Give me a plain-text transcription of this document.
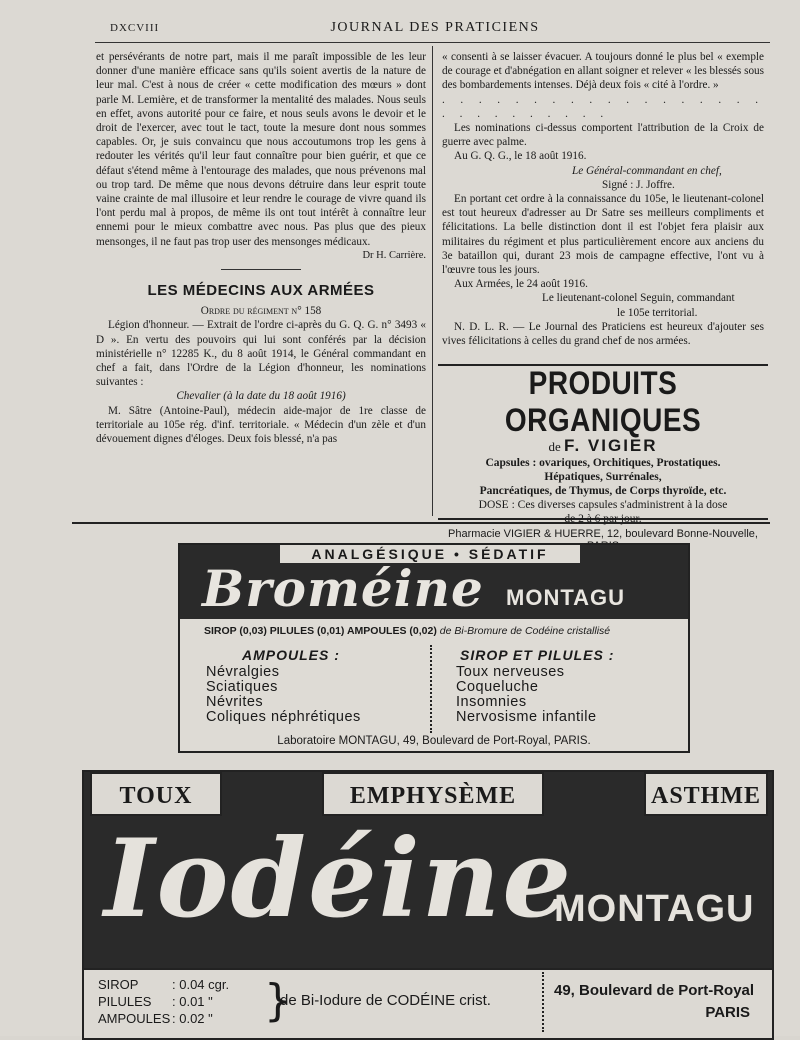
DXCVIII	JOURNAL DES PRATICIENS

et persévérants de notre part, mais il me paraît impossible de les leur donner d'une manière efficace sans qu'ils soient avertis de la nature de leur mal. C'est à nous de créer « cette modification des mœurs » dont parle M. Lemière, et de transformer la mentalité des malades. Nous seuls en effet, avons autorité pour ce faire, et nous seuls avons le devoir et le droit de l'exercer, avec tout le tact, toute la mesure dont nous sommes capables. Or, je suis convaincu que nous accoutumons trop les gens à redouter les vérités qu'il leur faut connaître pour bien guérir, et que ce défaut s'étend même à l'entourage des malades, que nous prévenons mal ou trop tard. De même que nous devons détruire dans leur esprit toute vaine crainte de mal illusoire et leur rendre le courage de vivre quand ils l'ont perdu mal à propos, de même ils ont tout intérêt à connaître leur ennemi pour le mieux combattre avec nous. Pas plus que des pieux mensonges, il ne faut pas trop user des mensonges médicaux.

Dr H. Carrière.
LES MÉDECINS AUX ARMÉES

Ordre du régiment n° 158

Légion d'honneur. — Extrait de l'ordre ci-après du G. Q. G. n° 3493 « D ». En vertu des pouvoirs qui lui sont conférés par la décision ministérielle n° 12285 K., du 8 août 1914, le Général commandant en chef a fait, dans l'Ordre de la Légion d'honneur, les nominations suivantes :

Chevalier (à la date du 18 août 1916)

M. Sâtre (Antoine-Paul), médecin aide-major de 1re classe de territoriale au 105e rég. d'inf. territoriale. « Médecin d'un zèle et d'un dévouement dignes d'éloges. Deux fois blessé, n'a pas

« consenti à se laisser évacuer. A toujours donné le plus bel « exemple de courage et d'abnégation en allant soigner et relever « les blessés sous des bombardements intenses. Déjà deux fois « cité à l'ordre. »

. . . . . . . . . . . . . . . . . . . . . . . . . . . .

Les nominations ci-dessus comportent l'attribution de la Croix de guerre avec palme.

Au G. Q. G., le 18 août 1916.

Le Général-commandant en chef,

Signé : J. Joffre.

En portant cet ordre à la connaissance du 105e, le lieutenant-colonel est tout heureux d'adresser au Dr Satre ses meilleurs compliments et félicitations. La belle distinction dont il est l'objet fera plaisir aux militaires du régiment et plus particulièrement encore aux anciens du 3e bataillon qui, durant 23 mois de campagne effective, l'ont vu à l'œuvre tous les jours.

Aux Armées, le 24 août 1916.

Le lieutenant-colonel Seguin, commandant

le 105e territorial.

N. D. L. R. — Le Journal des Praticiens est heureux d'ajouter ses vives félicitations à celles du grand chef de nos armées.

PRODUITS ORGANIQUES
de F. VIGIER
Capsules : ovariques, Orchitiques, Prostatiques.
Hépatiques, Surrénales,
Pancréatiques, de Thymus, de Corps thyroïde, etc.
DOSE : Ces diverses capsules s'administrent à la dose
de 2 à 6 par jour.
Pharmacie VIGIER & HUERRE, 12, boulevard Bonne-Nouvelle,
ANALGÉSIQUE • SÉDATIF
Broméine MONTAGU
SIROP (0,03) PILULES (0,01) AMPOULES (0,02) de Bi-Bromure de Codéine cristallisé
AMPOULES :	SIROP ET PILULES :
Névralgies
Sciatiques
Névrites
Coliques néphrétiques
Toux nerveuses
Coqueluche
Insomnies
Nervosisme infantile
Laboratoire MONTAGU, 49, Boulevard de Port-Royal, PARIS.
TOUX	EMPHYSÈME	ASTHME
Iodéine
MONTAGU
SIROP	: 0.04 cgr.
PILULES : 0.01 "
AMPOULES : 0.02 "	}
de Bi-Iodure de CODÉINE crist.
49, Boulevard de Port-Royal
PARIS
